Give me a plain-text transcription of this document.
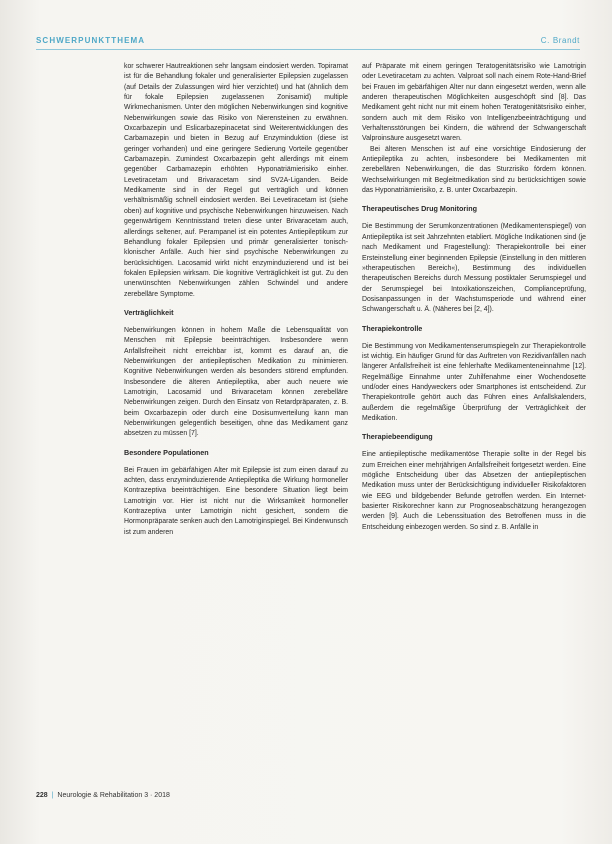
SCHWERPUNKTTHEMA	C. Brandt

kor schwerer Hautreaktionen sehr langsam eindosiert werden. Topiramat ist für die Behandlung fokaler und generalisierter Epilepsien zugelassen (auf Details der Zulassungen wird hier verzichtet) und hat (ähnlich dem für fokale Epilepsien zugelassenen Zonisamid) multiple Wirkmechanismen. Unter den möglichen Nebenwirkungen sind kognitive Nebenwirkungen sowie das Risiko von Nierensteinen zu erwähnen. Oxcarbazepin und Eslicarbazepinacetat sind Weiterentwicklungen des Carbamazepin und bieten in Bezug auf Enzyminduktion (diese ist geringer vorhanden) und eine geringere Sedierung Vorteile gegenüber Carbamazepin. Zumindest Oxcarbazepin geht allerdings mit einem gegenüber Carbamazepin erhöhten Hyponatriämierisiko einher. Levetiracetam und Brivaracetam sind SV2A-Liganden. Beide Medikamente sind in der Regel gut verträglich und können verhältnismäßig schnell eindosiert werden. Bei Levetiracetam ist (siehe oben) auf kognitive und psychische Nebenwirkungen hinzuweisen. Nach gegenwärtigem Kenntnisstand treten diese unter Brivaracetam auch, allerdings seltener, auf. Perampanel ist ein potentes Antiepileptikum zur Behandlung fokaler Epilepsien und primär generalisierter tonisch-klonischer Anfälle. Auch hier sind psychische Nebenwirkungen zu berücksichtigen. Lacosamid wirkt nicht enzyminduzierend und ist bei fokalen Epilepsien wirksam. Die kognitive Verträglichkeit ist gut. Zu den unerwünschten Nebenwirkungen zählen Schwindel und andere zerebelläre Symptome.

Verträglichkeit

Nebenwirkungen können in hohem Maße die Lebensqualität von Menschen mit Epilepsie beeinträchtigen. Insbesondere wenn Anfallsfreiheit nicht erreichbar ist, kommt es darauf an, die Nebenwirkungen der antiepileptischen Medikation zu minimieren. Kognitive Nebenwirkungen werden als besonders störend empfunden. Insbesondere die älteren Antiepileptika, aber auch neuere wie Lamotrigin, Lacosamid und Brivaracetam können zerebelläre Nebenwirkungen zeigen. Durch den Einsatz von Retardpräparaten, z. B. beim Oxcarbazepin oder durch eine Dosisumverteilung kann man Nebenwirkungen gelegentlich beseitigen, ohne das Medikament ganz absetzen zu müssen [7].

Besondere Populationen

Bei Frauen im gebärfähigen Alter mit Epilepsie ist zum einen darauf zu achten, dass enzyminduzierende Antiepileptika die Wirkung hormoneller Kontrazeptiva beeinträchtigen. Eine besondere Situation liegt beim Lamotrigin vor. Hier ist nicht nur die Wirksamkeit hormoneller Kontrazeptiva unter Lamotrigin nicht gesichert, sondern die Hormonpräparate senken auch den Lamotriginspiegel. Bei Kinderwunsch ist zum anderen

auf Präparate mit einem geringen Teratogenitätsrisiko wie Lamotrigin oder Levetiracetam zu achten. Valproat soll nach einem Rote-Hand-Brief bei Frauen im gebärfähigen Alter nur dann eingesetzt werden, wenn alle anderen therapeutischen Möglichkeiten ausgeschöpft sind [8]. Das Medikament geht nicht nur mit einem hohen Teratogenitätsrisiko einher, sondern auch mit dem Risiko von Intelligenzbeeinträchtigung und Verhaltensstörungen bei Kindern, die während der Schwangerschaft Valproinsäure ausgesetzt waren.

Bei älteren Menschen ist auf eine vorsichtige Eindosierung der Antiepileptika zu achten, insbesondere bei Medikamenten mit zerebellären Nebenwirkungen, die das Sturzrisiko fördern können. Wechselwirkungen mit Begleitmedikation sind zu berücksichtigen sowie das Hyponatriämierisiko, z. B. unter Oxcarbazepin.

Therapeutisches Drug Monitoring

Die Bestimmung der Serumkonzentrationen (Medikamentenspiegel) von Antiepileptika ist seit Jahrzehnten etabliert. Mögliche Indikationen sind (je nach Medikament und Fragestellung): Therapiekontrolle bei einer Ersteinstellung einer beginnenden Epilepsie (Einstellung in den mittleren »therapeutischen Bereich«), Bestimmung des individuellen therapeutischen Bereichs durch Messung postiktaler Serumspiegel und der Serumspiegel bei Intoxikationszeichen, Complianceprüfung, Dosisanpassungen in der Wachstumsperiode und während einer Schwangerschaft u. Ä. (Näheres bei [2, 4]).

Therapiekontrolle

Die Bestimmung von Medikamentenserumspiegeln zur Therapiekontrolle ist wichtig. Ein häufiger Grund für das Auftreten von Rezidivanfällen nach längerer Anfallsfreiheit ist eine fehlerhafte Medikamenteneinnahme [12]. Regelmäßige Einnahme unter Zuhilfenahme einer Wochendosette und/oder eines Handyweckers oder Smartphones ist entscheidend. Zur Therapiekontrolle gehört auch das Führen eines Anfallskalenders, außerdem die regelmäßige Überprüfung der Verträglichkeit der Medikation.

Therapiebeendigung

Eine antiepileptische medikamentöse Therapie sollte in der Regel bis zum Erreichen einer mehrjährigen Anfallsfreiheit fortgesetzt werden. Eine mögliche Entscheidung über das Absetzen der antiepileptischen Medikation muss unter der Berücksichtigung individueller Risikofaktoren wie EEG und bildgebender Befunde getroffen werden. Ein Internet-basierter Risikorechner kann zur Prognoseabschätzung herangezogen werden [9]. Auch die Lebenssituation des Betroffenen muss in die Entscheidung einbezogen werden. So sind z. B. Anfälle in

228 | Neurologie & Rehabilitation 3 · 2018
